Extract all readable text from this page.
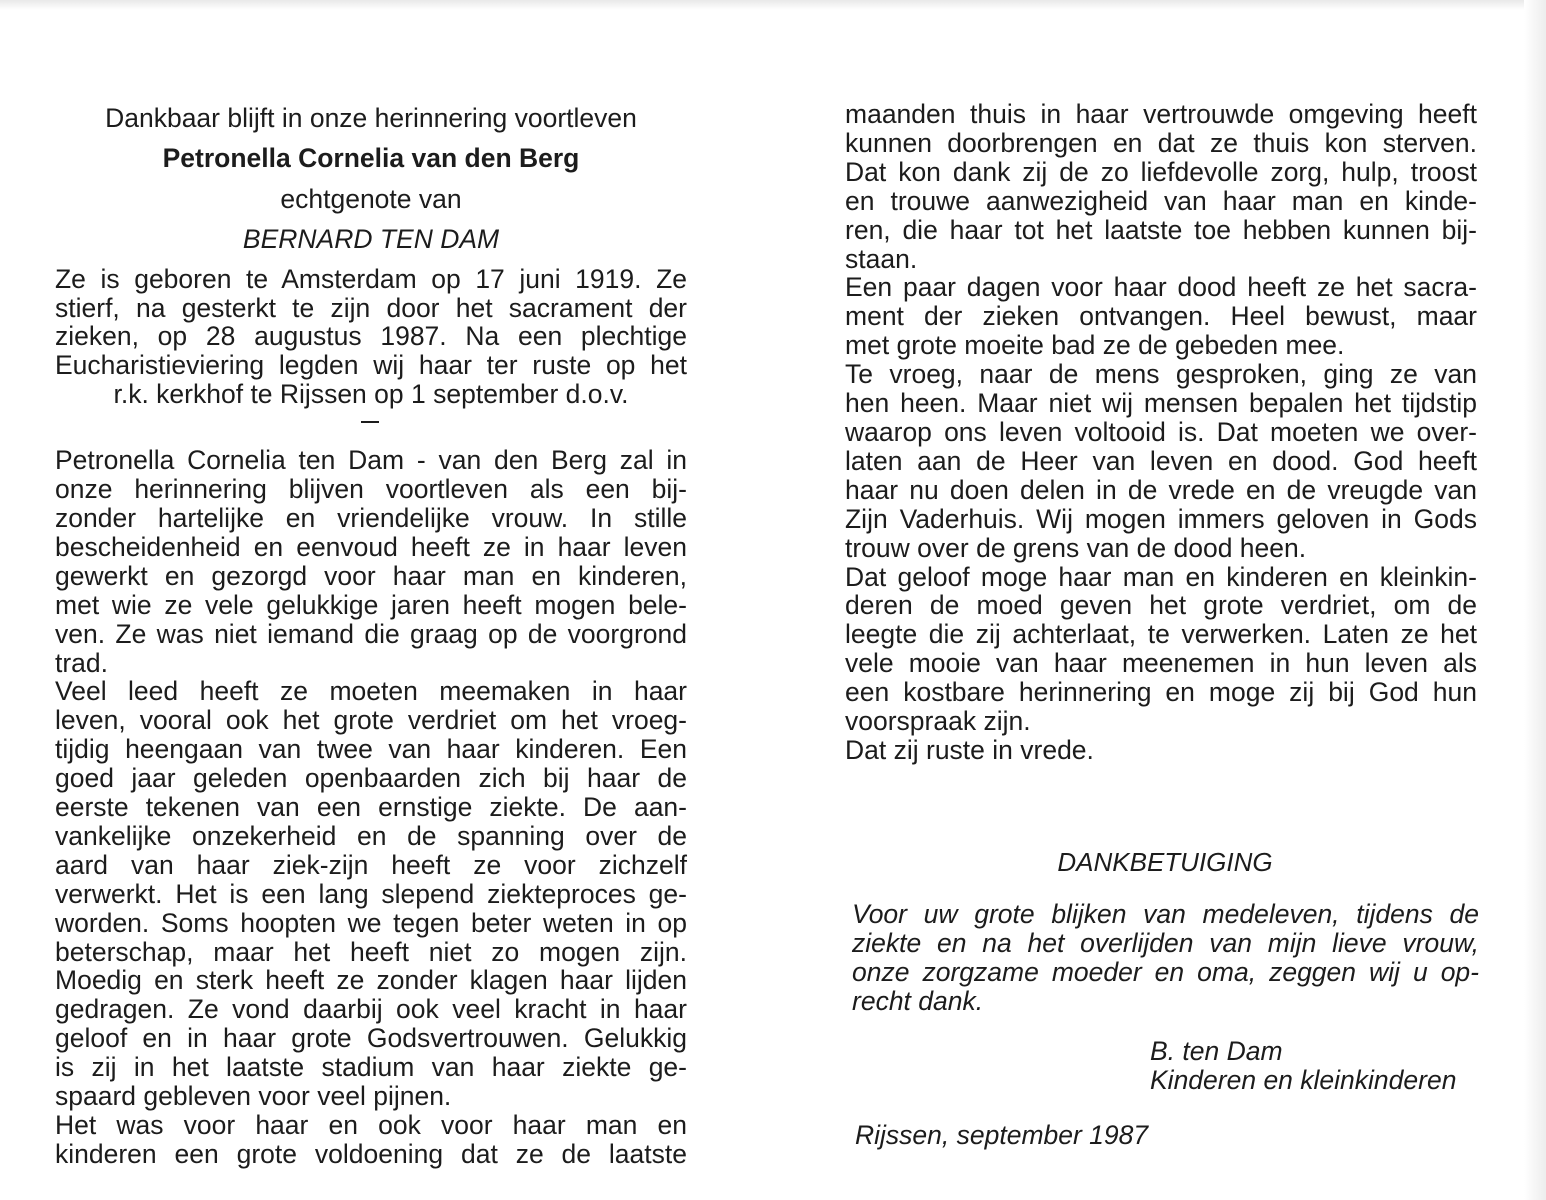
Dankbaar blijft in onze herinnering voortleven
Petronella Cornelia van den Berg
echtgenote van
BERNARD TEN DAM
Ze is geboren te Amsterdam op 17 juni 1919. Ze
stierf, na gesterkt te zijn door het sacrament der
zieken, op 28 augustus 1987. Na een plechtige
Eucharistieviering legden wij haar ter ruste op het
r.k. kerkhof te Rijssen op 1 september d.o.v.
Petronella Cornelia ten Dam - van den Berg zal in
onze herinnering blijven voortleven als een bij-
zonder hartelijke en vriendelijke vrouw. In stille
bescheidenheid en eenvoud heeft ze in haar leven
gewerkt en gezorgd voor haar man en kinderen,
met wie ze vele gelukkige jaren heeft mogen bele-
ven. Ze was niet iemand die graag op de voorgrond
trad.
Veel leed heeft ze moeten meemaken in haar
leven, vooral ook het grote verdriet om het vroeg-
tijdig heengaan van twee van haar kinderen. Een
goed jaar geleden openbaarden zich bij haar de
eerste tekenen van een ernstige ziekte. De aan-
vankelijke onzekerheid en de spanning over de
aard van haar ziek-zijn heeft ze voor zichzelf
verwerkt. Het is een lang slepend ziekteproces ge-
worden. Soms hoopten we tegen beter weten in op
beterschap, maar het heeft niet zo mogen zijn.
Moedig en sterk heeft ze zonder klagen haar lijden
gedragen. Ze vond daarbij ook veel kracht in haar
geloof en in haar grote Godsvertrouwen. Gelukkig
is zij in het laatste stadium van haar ziekte ge-
spaard gebleven voor veel pijnen.
Het was voor haar en ook voor haar man en
kinderen een grote voldoening dat ze de laatste
maanden thuis in haar vertrouwde omgeving heeft
kunnen doorbrengen en dat ze thuis kon sterven.
Dat kon dank zij de zo liefdevolle zorg, hulp, troost
en trouwe aanwezigheid van haar man en kinde-
ren, die haar tot het laatste toe hebben kunnen bij-
staan.
Een paar dagen voor haar dood heeft ze het sacra-
ment der zieken ontvangen. Heel bewust, maar
met grote moeite bad ze de gebeden mee.
Te vroeg, naar de mens gesproken, ging ze van
hen heen. Maar niet wij mensen bepalen het tijdstip
waarop ons leven voltooid is. Dat moeten we over-
laten aan de Heer van leven en dood. God heeft
haar nu doen delen in de vrede en de vreugde van
Zijn Vaderhuis. Wij mogen immers geloven in Gods
trouw over de grens van de dood heen.
Dat geloof moge haar man en kinderen en kleinkin-
deren de moed geven het grote verdriet, om de
leegte die zij achterlaat, te verwerken. Laten ze het
vele mooie van haar meenemen in hun leven als
een kostbare herinnering en moge zij bij God hun
voorspraak zijn.
Dat zij ruste in vrede.
DANKBETUIGING
Voor uw grote blijken van medeleven, tijdens de
ziekte en na het overlijden van mijn lieve vrouw,
onze zorgzame moeder en oma, zeggen wij u op-
recht dank.
B. ten Dam
Kinderen en kleinkinderen
Rijssen, september 1987
